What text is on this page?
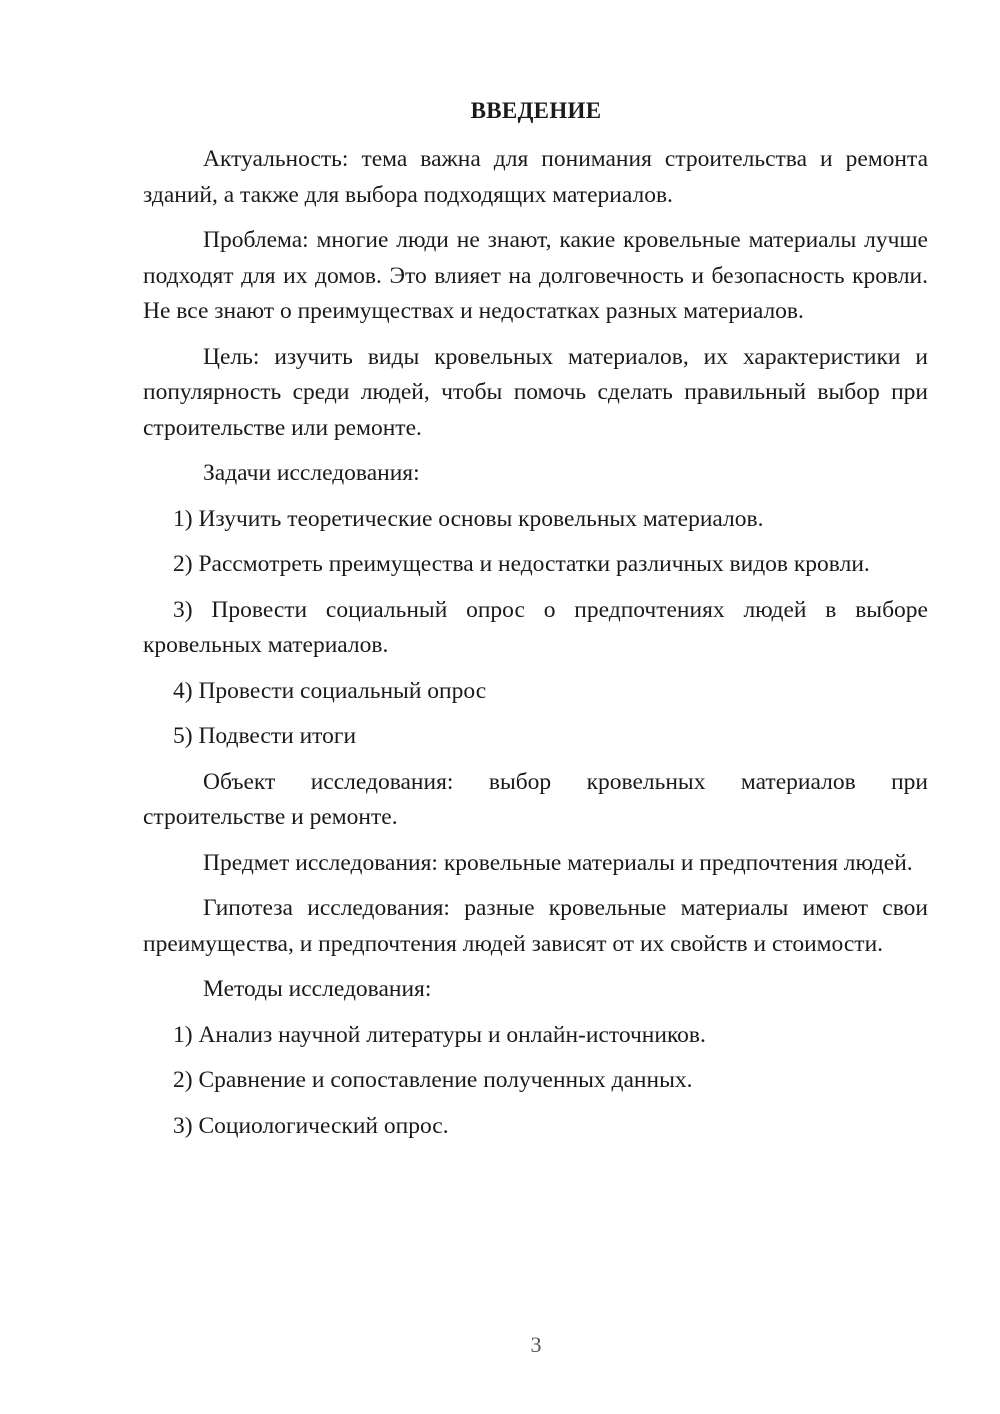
ВВЕДЕНИЕ

Актуальность: тема важна для понимания строительства и ремонта зданий, а также для выбора подходящих материалов.

Проблема: многие люди не знают, какие кровельные материалы лучше подходят для их домов. Это влияет на долговечность и безопасность кровли. Не все знают о преимуществах и недостатках разных материалов.

Цель: изучить виды кровельных материалов, их характеристики и популярность среди людей, чтобы помочь сделать правильный выбор при строительстве или ремонте.

Задачи исследования:

1) Изучить теоретические основы кровельных материалов.

2) Рассмотреть преимущества и недостатки различных видов кровли.

3) Провести социальный опрос о предпочтениях людей в выборе кровельных материалов.

4) Провести социальный опрос

5) Подвести итоги

Объект исследования: выбор кровельных материалов при строительстве и ремонте.

Предмет исследования: кровельные материалы и предпочтения людей.

Гипотеза исследования: разные кровельные материалы имеют свои преимущества, и предпочтения людей зависят от их свойств и стоимости.

Методы исследования:

1) Анализ научной литературы и онлайн-источников.

2) Сравнение и сопоставление полученных данных.

3) Социологический опрос.

3
